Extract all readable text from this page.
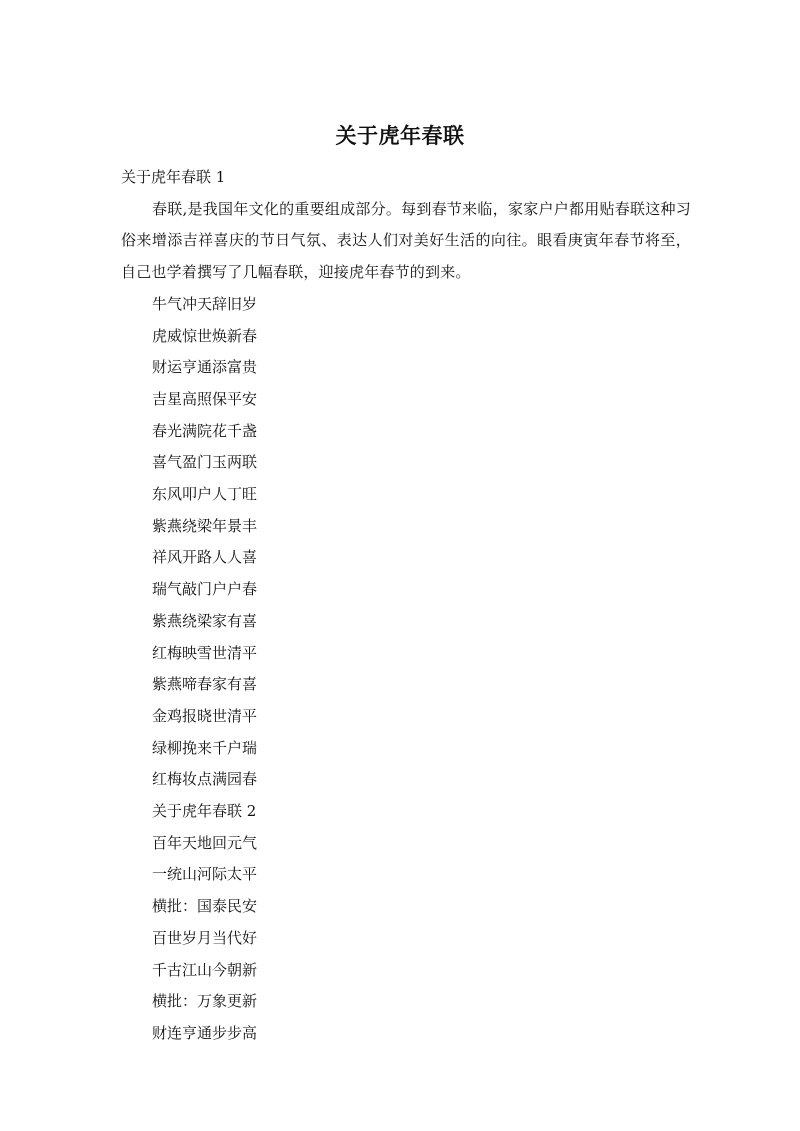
关于虎年春联

关于虎年春联 1

春联,是我国年文化的重要组成部分。每到春节来临，家家户户都用贴春联这种习俗来增添吉祥喜庆的节日气氛、表达人们对美好生活的向往。眼看庚寅年春节将至，自己也学着撰写了几幅春联，迎接虎年春节的到来。

牛气冲天辞旧岁

虎威惊世焕新春

财运亨通添富贵

吉星高照保平安

春光满院花千盏

喜气盈门玉两联

东风叩户人丁旺

紫燕绕梁年景丰

祥风开路人人喜

瑞气敲门户户春

紫燕绕梁家有喜

红梅映雪世清平

紫燕啼春家有喜

金鸡报晓世清平

绿柳挽来千户瑞

红梅妆点满园春

关于虎年春联 2

百年天地回元气

一统山河际太平

横批：国泰民安

百世岁月当代好

千古江山今朝新

横批：万象更新

财连亨通步步高
